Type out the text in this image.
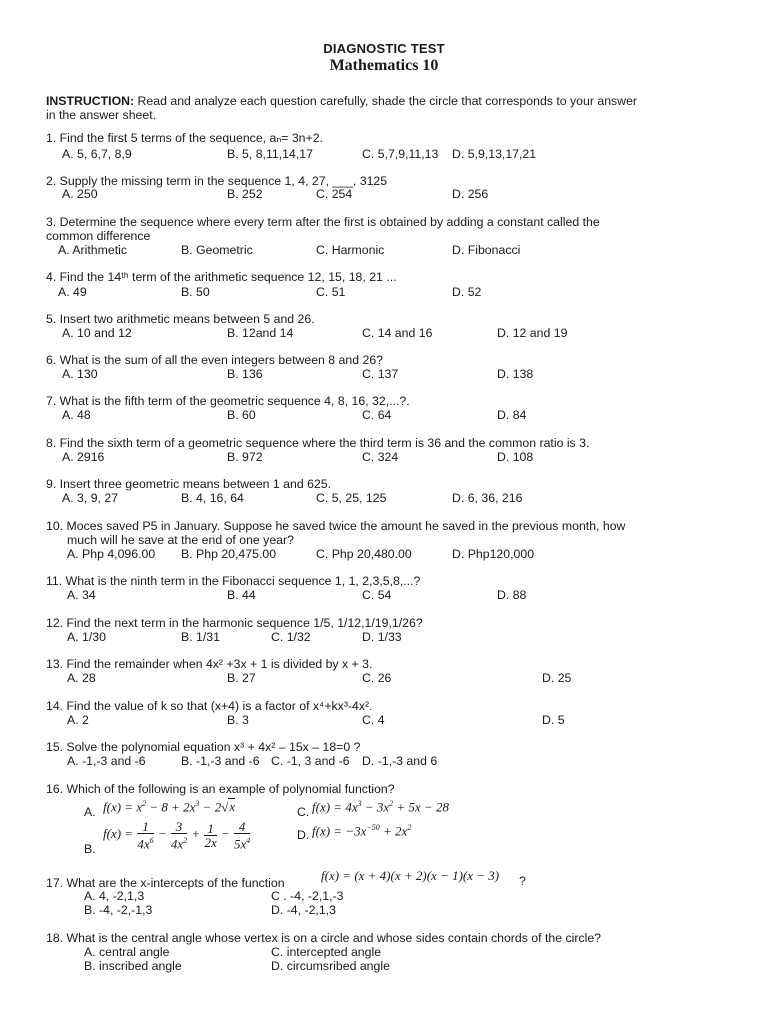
DIAGNOSTIC TEST
Mathematics 10
INSTRUCTION: Read and analyze each question carefully, shade the circle that corresponds to your answer
in the answer sheet.
1. Find the first 5 terms of the sequence, aₙ= 3n+2.
A. 5, 6,7, 8,9	B. 5, 8,11,14,17	C. 5,7,9,11,13 D. 5,9,13,17,21
2. Supply the missing term in the sequence 1, 4, 27, ___, 3125
A. 250	B. 252	C. 254	D. 256
3. Determine the sequence where every term after the first is obtained by adding a constant called the
common difference
A. Arithmetic	B. Geometric	C. Harmonic	D. Fibonacci
4. Find the 14ᵗʰ term of the arithmetic sequence 12, 15, 18, 21 ...
A. 49	B. 50	C. 51	D. 52
5. Insert two arithmetic means between 5 and 26.
A. 10 and 12	B. 12and 14	C. 14 and 16	D. 12 and 19
6. What is the sum of all the even integers between 8 and 26?
A. 130	B. 136	C. 137	D. 138
7. What is the fifth term of the geometric sequence 4, 8, 16, 32,...?.
A. 48	B. 60	C. 64	D. 84
8. Find the sixth term of a geometric sequence where the third term is 36 and the common ratio is 3.
A. 2916	B. 972	C. 324	D. 108
9. Insert three geometric means between 1 and 625.
A. 3, 9, 27	B. 4, 16, 64	C. 5, 25, 125	D. 6, 36, 216
10. Moces saved P5 in January. Suppose he saved twice the amount he saved in the previous month, how
much will he save at the end of one year?
A. Php 4,096.00 B. Php 20,475.00	C. Php 20,480.00	D. Php120,000
11. What is the ninth term in the Fibonacci sequence 1, 1, 2,3,5,8,...?
A. 34	B. 44	C. 54	D. 88
12. Find the next term in the harmonic sequence 1/5, 1/12,1/19,1/26?
A. 1/30	B. 1/31	C. 1/32	D. 1/33
13. Find the remainder when 4x² +3x + 1 is divided by x + 3.
A. 28	B. 27	C. 26	D. 25
14. Find the value of k so that (x+4) is a factor of x⁴+kx³-4x².
A. 2	B. 3	C. 4	D. 5
15. Solve the polynomial equation x³ + 4x² – 15x – 18=0 ?
A. -1,-3 and -6	B. -1,-3 and -6 C. -1, 3 and -6 D. -1,-3 and 6
16. Which of the following is an example of polynomial function?
A. $f(x) = x^2 - 8 + 2x^3 - 2√x$	C. $f(x) = 4x^3 - 3x^2 + 5x - 28$
$f(x) = \frac{1}{4x^6} - \frac{3}{4x^2} + \frac{1}{2x} - \frac{4}{5x^4}$	D. $f(x) = -3x^{-50} + 2x^2$
B.
17. What are the x-intercepts of the function	f(x) = (x + 4)(x + 2)(x − 1)(x − 3) ?
A. 4, -2,1,3	C . -4, -2,1,-3
B. -4, -2,-1,3	D. -4, -2,1,3
18. What is the central angle whose vertex is on a circle and whose sides contain chords of the circle?
A. central angle	C. intercepted angle
B. inscribed angle	D. circumsribed angle
